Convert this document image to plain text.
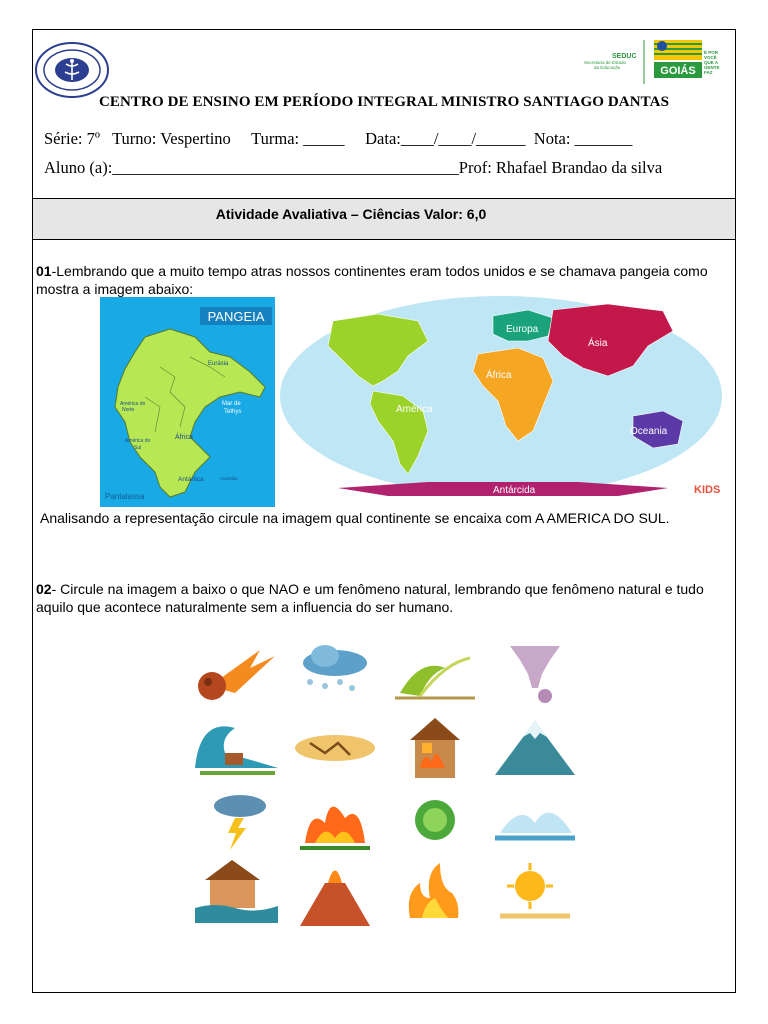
SEDUC
Secretaria de Estado
da Educação	GOIÁS
É POR
VOCÊ
QUE A
GENTE
FAZ
CENTRO DE ENSINO EM PERÍODO INTEGRAL MINISTRO SANTIAGO DANTAS
Série: 7º Turno: Vespertino Turma: _____ Data:____/____/______ Nota: _______
Aluno (a):__________________________________________Prof: Rhafael Brandao da silva
Atividade Avaliativa – Ciências Valor: 6,0
01-Lembrando que a muito tempo atras nossos continentes eram todos unidos e se chamava pangeia como mostra a imagem abaixo:
PANGEIA
Eurásia
América do
Norte
Mar de
Tethys
África
América do
Sul
Antártica	Austrália
Pantalassa
Europa
Ásia
África
América
Oceania
Antárcida	KIDS
Analisando a representação circule na imagem qual continente se encaixa com A AMERICA DO SUL.
02- Circule na imagem a baixo o que NAO e um fenômeno natural, lembrando que fenômeno natural e tudo aquilo que acontece naturalmente sem a influencia do ser humano.
